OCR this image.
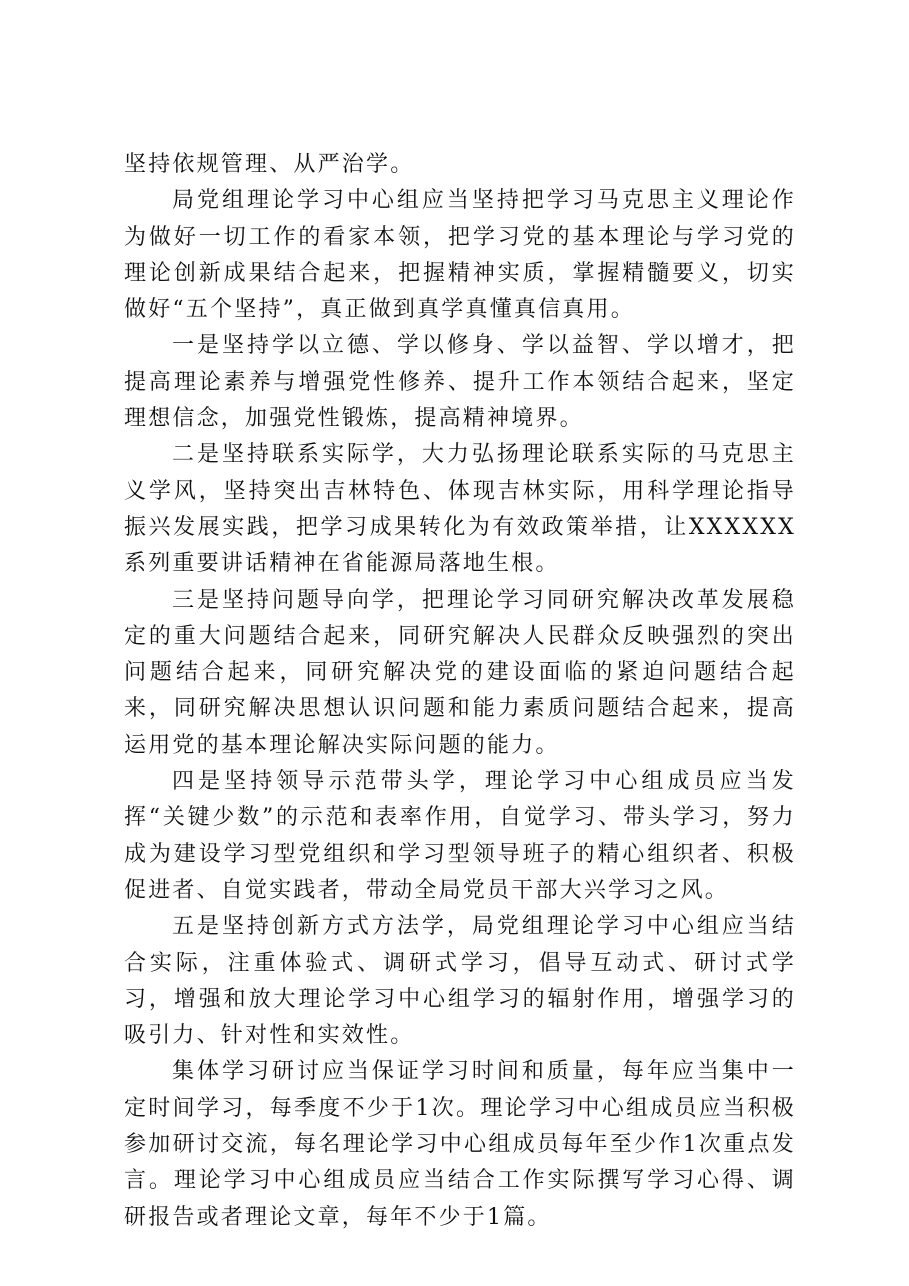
坚持依规管理、从严治学。

局党组理论学习中心组应当坚持把学习马克思主义理论作为做好一切工作的看家本领，把学习党的基本理论与学习党的理论创新成果结合起来，把握精神实质，掌握精髓要义，切实做好“五个坚持”，真正做到真学真懂真信真用。

一是坚持学以立德、学以修身、学以益智、学以增才，把提高理论素养与增强党性修养、提升工作本领结合起来，坚定理想信念，加强党性锻炼，提高精神境界。

二是坚持联系实际学，大力弘扬理论联系实际的马克思主义学风，坚持突出吉林特色、体现吉林实际，用科学理论指导振兴发展实践，把学习成果转化为有效政策举措，让XXXXXX系列重要讲话精神在省能源局落地生根。

三是坚持问题导向学，把理论学习同研究解决改革发展稳定的重大问题结合起来，同研究解决人民群众反映强烈的突出问题结合起来，同研究解决党的建设面临的紧迫问题结合起来，同研究解决思想认识问题和能力素质问题结合起来，提高运用党的基本理论解决实际问题的能力。

四是坚持领导示范带头学，理论学习中心组成员应当发挥“关键少数”的示范和表率作用，自觉学习、带头学习，努力成为建设学习型党组织和学习型领导班子的精心组织者、积极促进者、自觉实践者，带动全局党员干部大兴学习之风。

五是坚持创新方式方法学，局党组理论学习中心组应当结合实际，注重体验式、调研式学习，倡导互动式、研讨式学习，增强和放大理论学习中心组学习的辐射作用，增强学习的吸引力、针对性和实效性。

集体学习研讨应当保证学习时间和质量，每年应当集中一定时间学习，每季度不少于1次。理论学习中心组成员应当积极参加研讨交流，每名理论学习中心组成员每年至少作1次重点发言。理论学习中心组成员应当结合工作实际撰写学习心得、调研报告或者理论文章，每年不少于1篇。
